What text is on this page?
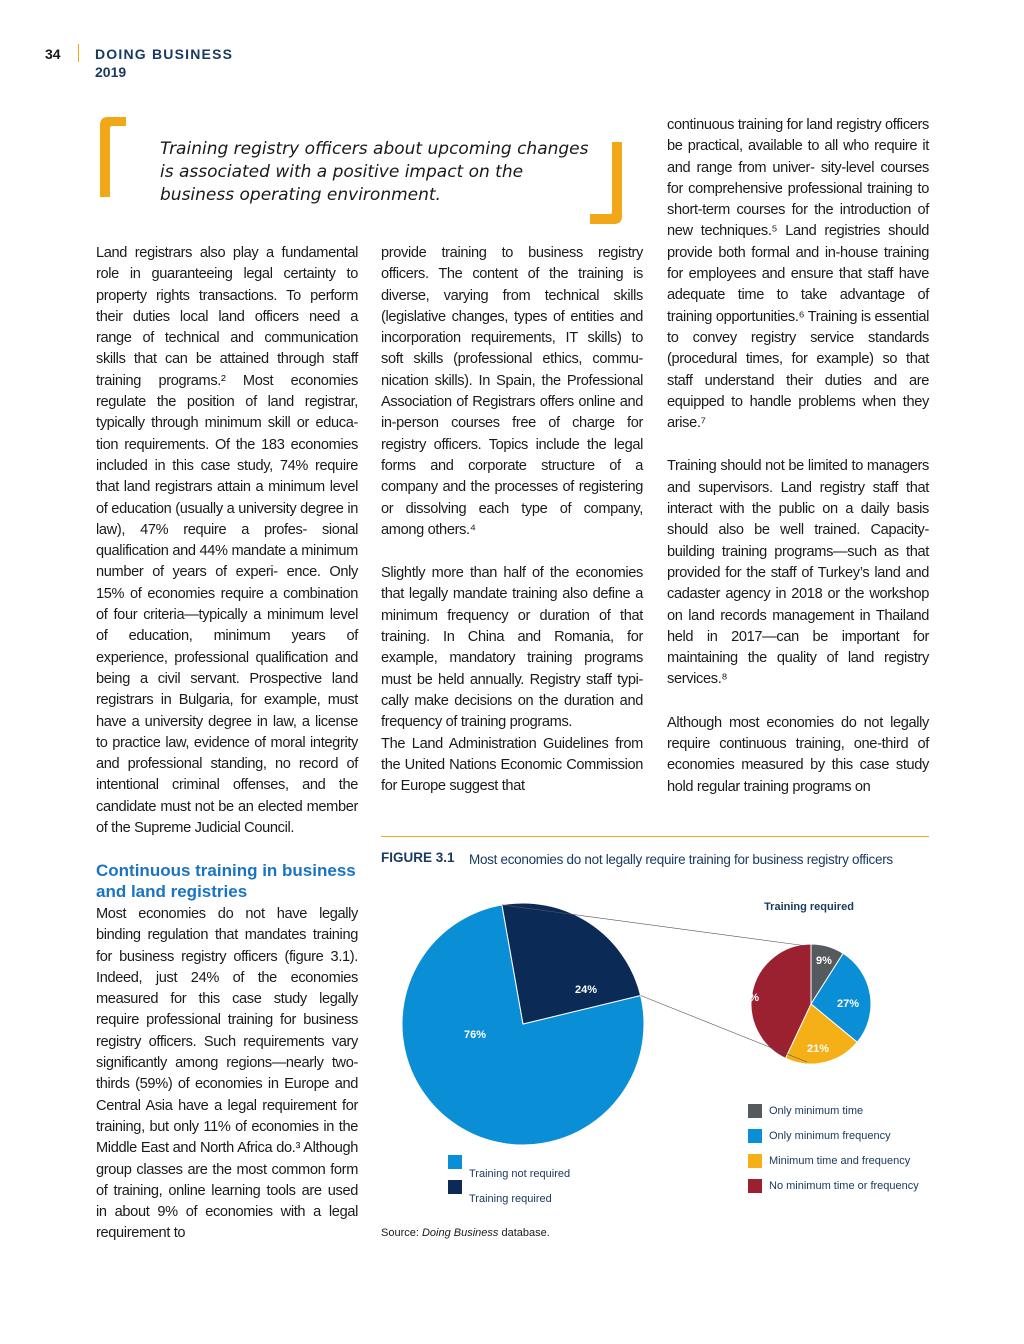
34 DOING BUSINESS
2019
Training registry officers about upcoming changes is associated with a positive impact on the business operating environment.

Land registrars also play a fundamental role in guaranteeing legal certainty to property rights transactions. To perform their duties local land officers need a range of technical and communication skills that can be attained through staff training programs.² Most economies regulate the position of land registrar, typically through minimum skill or educa- tion requirements. Of the 183 economies included in this case study, 74% require that land registrars attain a minimum level of education (usually a university degree in law), 47% require a profes- sional qualification and 44% mandate a minimum number of years of experi- ence. Only 15% of economies require a combination of four criteria—typically a minimum level of education, minimum years of experience, professional qualification and being a civil servant. Prospective land registrars in Bulgaria, for example, must have a university degree in law, a license to practice law, evidence of moral integrity and professional standing, no record of intentional criminal offenses, and the candidate must not be an elected member of the Supreme Judicial Council.

Continuous training in business and land registries

Most economies do not have legally binding regulation that mandates training for business registry officers (figure 3.1). Indeed, just 24% of the economies measured for this case study legally require professional training for business registry officers. Such requirements vary significantly among regions—nearly two- thirds (59%) of economies in Europe and Central Asia have a legal requirement for training, but only 11% of economies in the Middle East and North Africa do.³ Although group classes are the most common form of training, online learning tools are used in about 9% of economies with a legal requirement to

provide training to business registry officers. The content of the training is diverse, varying from technical skills (legislative changes, types of entities and incorporation requirements, IT skills) to soft skills (professional ethics, commu- nication skills). In Spain, the Professional Association of Registrars offers online and in-person courses free of charge for registry officers. Topics include the legal forms and corporate structure of a company and the processes of registering or dissolving each type of company, among others.⁴

Slightly more than half of the economies that legally mandate training also define a minimum frequency or duration of that training. In China and Romania, for example, mandatory training programs must be held annually. Registry staff typi- cally make decisions on the duration and frequency of training programs.

The Land Administration Guidelines from the United Nations Economic Commission for Europe suggest that

continuous training for land registry officers be practical, available to all who require it and range from univer- sity-level courses for comprehensive professional training to short-term courses for the introduction of new techniques.⁵ Land registries should provide both formal and in-house training for employees and ensure that staff have adequate time to take advantage of training opportunities.⁶ Training is essential to convey registry service standards (procedural times, for example) so that staff understand their duties and are equipped to handle problems when they arise.⁷

Training should not be limited to managers and supervisors. Land registry staff that interact with the public on a daily basis should also be well trained. Capacity-building training programs—such as that provided for the staff of Turkey’s land and cadaster agency in 2018 or the workshop on land records management in Thailand held in 2017—can be important for maintaining the quality of land registry services.⁸

Although most economies do not legally require continuous training, one-third of economies measured by this case study hold regular training programs on

FIGURE 3.1 Most economies do not legally require training for business registry officers
76%
24%
9%
27%
21%
43%
Training required
Training not required
Training required
Only minimum time
Only minimum frequency
Minimum time and frequency
No minimum time or frequency
Source: Doing Business database.
